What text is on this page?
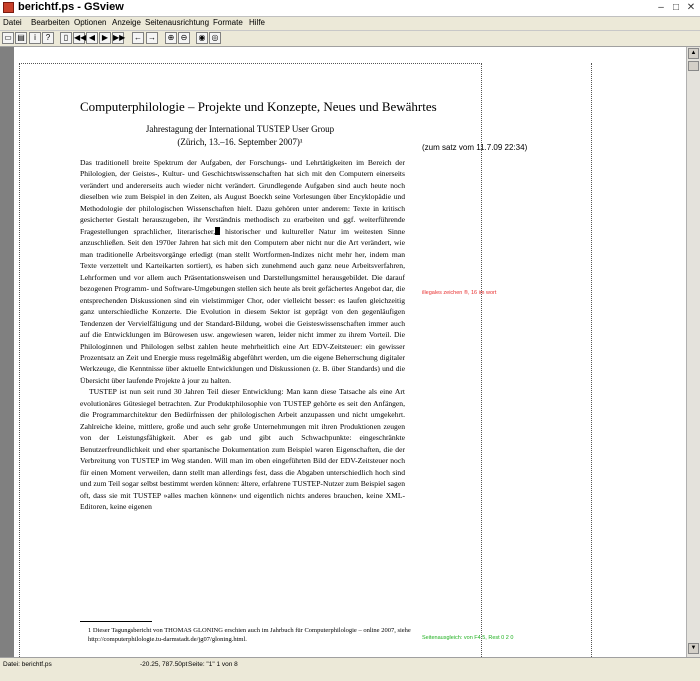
berichtf.ps - GSview	– □ ✕
Datei Bearbeiten Optionen Anzeige Seitenausrichtung Formate Hilfe
▭ ▤	i	?	▯ ◀◀ ◀ ▶ ▶▶ ← →	⊕ ⊖	◉ ◎
Computerphilologie – Projekte und Konzepte, Neues und Bewährtes
Jahrestagung der International TUSTEP User Group
(Zürich, 13.–16. September 2007)¹

Das traditionell breite Spektrum der Aufgaben, der Forschungs- und Lehrtätigkeiten im Bereich der Philologien, der Geistes-, Kultur- und Geschichtswissenschaften hat sich mit den Computern einerseits verändert und andererseits auch wieder nicht verändert. Grundlegende Aufgaben sind auch heute noch dieselben wie zum Beispiel in den Zeiten, als August Boeckh seine Vorlesungen über Encyklopädie und Methodologie der philologischen Wissenschaften hielt. Dazu gehören unter anderem: Texte in kritisch gesicherter Gestalt herauszugeben, ihr Verständnis methodisch zu erarbeiten und ggf. weiterführende Fragestellungen sprachlicher, literarischer, historischer und kultureller Natur im weitesten Sinne anzuschließen. Seit den 1970er Jahren hat sich mit den Computern aber nicht nur die Art verändert, wie man traditionelle Arbeitsvorgänge erledigt (man stellt Wortformen-Indizes nicht mehr her, indem man Texte verzettelt und Karteikarten sortiert), es haben sich zunehmend auch ganz neue Arbeitsverfahren, Lehrformen und vor allem auch Präsentationsweisen und Darstellungsmittel herausgebildet. Die darauf bezogenen Programm- und Software-Umgebungen stellen sich heute als breit gefächertes Angebot dar, die entsprechenden Diskussionen sind ein vielstimmiger Chor, oder vielleicht besser: es laufen gleichzeitig ganz unterschiedliche Konzerte. Die Evolution in diesem Sektor ist geprägt von den gegenläufigen Tendenzen der Vervielfältigung und der Standard-Bildung, wobei die Geisteswissenschaften immer auch auf die Entwicklungen im Bürowesen usw. angewiesen waren, leider nicht immer zu ihrem Vorteil. Die Philologinnen und Philologen selbst zahlen heute mehrheitlich eine Art EDV-Zeitsteuer: ein gewisser Prozentsatz an Zeit und Energie muss regelmäßig abgeführt werden, um die eigene Beherrschung digitaler Werkzeuge, die Kenntnisse über aktuelle Entwicklungen und Diskussionen (z. B. über Standards) und die Übersicht über laufende Projekte à jour zu halten.

TUSTEP ist nun seit rund 30 Jahren Teil dieser Entwicklung: Man kann diese Tatsache als eine Art evolutionäres Gütesiegel betrachten. Zur Produktphilosophie von TUSTEP gehörte es seit den Anfängen, die Programmarchitektur den Bedürfnissen der philologischen Arbeit anzupassen und nicht umgekehrt. Zahlreiche kleine, mittlere, große und auch sehr große Unternehmungen mit ihren Produktionen zeugen von der Leistungsfähigkeit. Aber es gab und gibt auch Schwachpunkte: eingeschränkte Benutzerfreundlichkeit und eher spartanische Dokumentation zum Beispiel waren Eigenschaften, die der Verbreitung von TUSTEP im Weg standen. Will man im oben eingeführten Bild der EDV-Zeitsteuer noch für einen Moment verweilen, dann stellt man allerdings fest, dass die Abgaben unterschiedlich hoch sind und zum Teil sogar selbst bestimmt werden können: ältere, erfahrene TUSTEP-Nutzer zum Beispiel sagen oft, dass sie mit TUSTEP »alles machen können« und eigentlich nichts anderes brauchen, keine XML-Editoren, keine eigenen

1 Dieser Tagungsbericht von THOMAS GLONING erschien auch im Jahrbuch für Computerphilologie – online 2007, siehe http://computerphilologie.tu-darmstadt.de/jg07/gloning.html.
(zum satz vom 11.7.09 22:34)
illegales zeichen ®, 16 im wort
Seitenausgleich: von F4 5, Rest 0 2 0
▲
▼
Datei: berichtf.ps	-20.25, 787.50pt Seite: "1" 1 von 8
